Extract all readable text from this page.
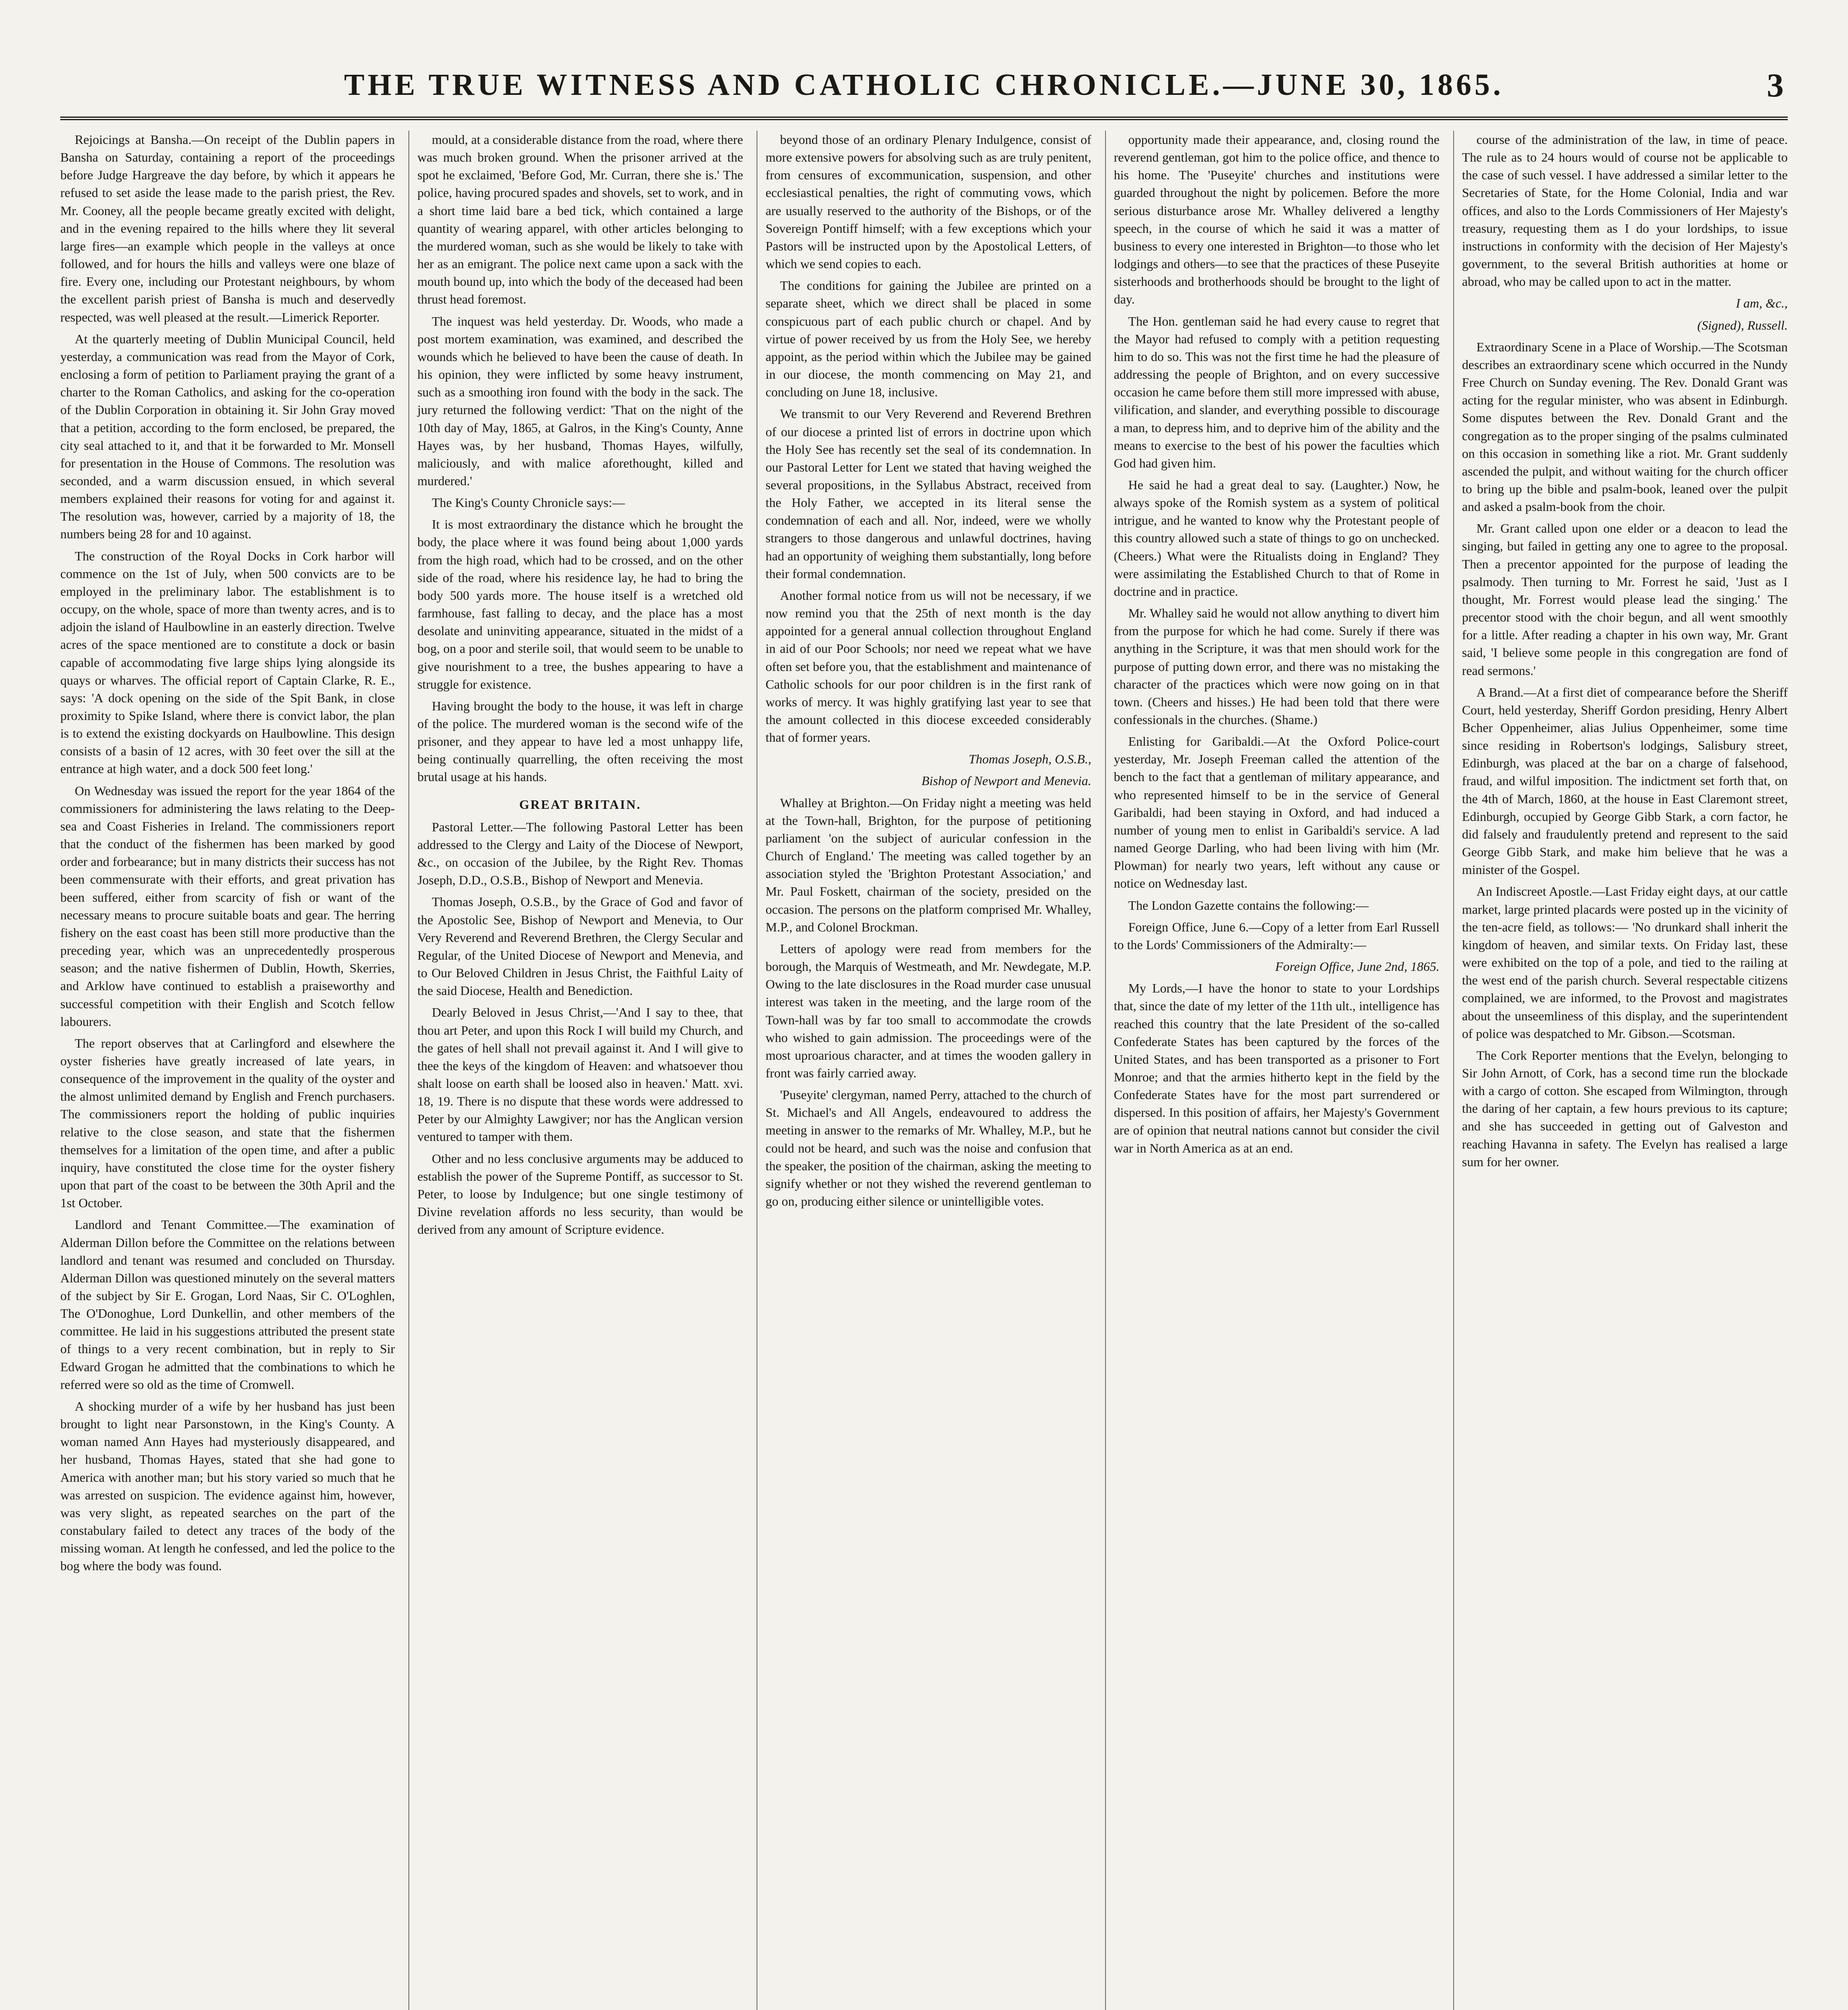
THE TRUE WITNESS AND CATHOLIC CHRONICLE.—JUNE 30, 1865.	3

Rejoicings at Bansha.—On receipt of the Dublin papers in Bansha on Saturday, containing a report of the proceedings before Judge Hargreave the day before, by which it appears he refused to set aside the lease made to the parish priest, the Rev. Mr. Cooney, all the people became greatly excited with delight, and in the evening repaired to the hills where they lit several large fires—an example which people in the valleys at once followed, and for hours the hills and valleys were one blaze of fire. Every one, including our Protestant neighbours, by whom the excellent parish priest of Bansha is much and deservedly respected, was well pleased at the result.—Limerick Reporter.

At the quarterly meeting of Dublin Municipal Council, held yesterday, a communication was read from the Mayor of Cork, enclosing a form of petition to Parliament praying the grant of a charter to the Roman Catholics, and asking for the co-operation of the Dublin Corporation in obtaining it. Sir John Gray moved that a petition, according to the form enclosed, be prepared, the city seal attached to it, and that it be forwarded to Mr. Monsell for presentation in the House of Commons. The resolution was seconded, and a warm discussion ensued, in which several members explained their reasons for voting for and against it. The resolution was, however, carried by a majority of 18, the numbers being 28 for and 10 against.

The construction of the Royal Docks in Cork harbor will commence on the 1st of July, when 500 convicts are to be employed in the preliminary labor. The establishment is to occupy, on the whole, space of more than twenty acres, and is to adjoin the island of Haulbowline in an easterly direction. Twelve acres of the space mentioned are to constitute a dock or basin capable of accommodating five large ships lying alongside its quays or wharves. The official report of Captain Clarke, R. E., says: 'A dock opening on the side of the Spit Bank, in close proximity to Spike Island, where there is convict labor, the plan is to extend the existing dockyards on Haulbowline. This design consists of a basin of 12 acres, with 30 feet over the sill at the entrance at high water, and a dock 500 feet long.'

On Wednesday was issued the report for the year 1864 of the commissioners for administering the laws relating to the Deep-sea and Coast Fisheries in Ireland. The commissioners report that the conduct of the fishermen has been marked by good order and forbearance; but in many districts their success has not been commensurate with their efforts, and great privation has been suffered, either from scarcity of fish or want of the necessary means to procure suitable boats and gear. The herring fishery on the east coast has been still more productive than the preceding year, which was an unprecedentedly prosperous season; and the native fishermen of Dublin, Howth, Skerries, and Arklow have continued to establish a praiseworthy and successful competition with their English and Scotch fellow labourers.

The report observes that at Carlingford and elsewhere the oyster fisheries have greatly increased of late years, in consequence of the improvement in the quality of the oyster and the almost unlimited demand by English and French purchasers. The commissioners report the holding of public inquiries relative to the close season, and state that the fishermen themselves for a limitation of the open time, and after a public inquiry, have constituted the close time for the oyster fishery upon that part of the coast to be between the 30th April and the 1st October.

Landlord and Tenant Committee.—The examination of Alderman Dillon before the Committee on the relations between landlord and tenant was resumed and concluded on Thursday. Alderman Dillon was questioned minutely on the several matters of the subject by Sir E. Grogan, Lord Naas, Sir C. O'Loghlen, The O'Donoghue, Lord Dunkellin, and other members of the committee. He laid in his suggestions attributed the present state of things to a very recent combination, but in reply to Sir Edward Grogan he admitted that the combinations to which he referred were so old as the time of Cromwell.

A shocking murder of a wife by her husband has just been brought to light near Parsonstown, in the King's County. A woman named Ann Hayes had mysteriously disappeared, and her husband, Thomas Hayes, stated that she had gone to America with another man; but his story varied so much that he was arrested on suspicion. The evidence against him, however, was very slight, as repeated searches on the part of the constabulary failed to detect any traces of the body of the missing woman. At length he confessed, and led the police to the bog where the body was found.

mould, at a considerable distance from the road, where there was much broken ground. When the prisoner arrived at the spot he exclaimed, 'Before God, Mr. Curran, there she is.' The police, having procured spades and shovels, set to work, and in a short time laid bare a bed tick, which contained a large quantity of wearing apparel, with other articles belonging to the murdered woman, such as she would be likely to take with her as an emigrant. The police next came upon a sack with the mouth bound up, into which the body of the deceased had been thrust head foremost.

The inquest was held yesterday. Dr. Woods, who made a post mortem examination, was examined, and described the wounds which he believed to have been the cause of death. In his opinion, they were inflicted by some heavy instrument, such as a smoothing iron found with the body in the sack. The jury returned the following verdict: 'That on the night of the 10th day of May, 1865, at Galros, in the King's County, Anne Hayes was, by her husband, Thomas Hayes, wilfully, maliciously, and with malice aforethought, killed and murdered.'

The King's County Chronicle says:—

It is most extraordinary the distance which he brought the body, the place where it was found being about 1,000 yards from the high road, which had to be crossed, and on the other side of the road, where his residence lay, he had to bring the body 500 yards more. The house itself is a wretched old farmhouse, fast falling to decay, and the place has a most desolate and uninviting appearance, situated in the midst of a bog, on a poor and sterile soil, that would seem to be unable to give nourishment to a tree, the bushes appearing to have a struggle for existence.

Having brought the body to the house, it was left in charge of the police. The murdered woman is the second wife of the prisoner, and they appear to have led a most unhappy life, being continually quarrelling, the often receiving the most brutal usage at his hands.

GREAT BRITAIN.

Pastoral Letter.—The following Pastoral Letter has been addressed to the Clergy and Laity of the Diocese of Newport, &c., on occasion of the Jubilee, by the Right Rev. Thomas Joseph, D.D., O.S.B., Bishop of Newport and Menevia.

Thomas Joseph, O.S.B., by the Grace of God and favor of the Apostolic See, Bishop of Newport and Menevia, to Our Very Reverend and Reverend Brethren, the Clergy Secular and Regular, of the United Diocese of Newport and Menevia, and to Our Beloved Children in Jesus Christ, the Faithful Laity of the said Diocese, Health and Benediction.

Dearly Beloved in Jesus Christ,—'And I say to thee, that thou art Peter, and upon this Rock I will build my Church, and the gates of hell shall not prevail against it. And I will give to thee the keys of the kingdom of Heaven: and whatsoever thou shalt loose on earth shall be loosed also in heaven.' Matt. xvi. 18, 19. There is no dispute that these words were addressed to Peter by our Almighty Lawgiver; nor has the Anglican version ventured to tamper with them.

Other and no less conclusive arguments may be adduced to establish the power of the Supreme Pontiff, as successor to St. Peter, to loose by Indulgence; but one single testimony of Divine revelation affords no less security, than would be derived from any amount of Scripture evidence.

beyond those of an ordinary Plenary Indulgence, consist of more extensive powers for absolving such as are truly penitent, from censures of excommunication, suspension, and other ecclesiastical penalties, the right of commuting vows, which are usually reserved to the authority of the Bishops, or of the Sovereign Pontiff himself; with a few exceptions which your Pastors will be instructed upon by the Apostolical Letters, of which we send copies to each.

The conditions for gaining the Jubilee are printed on a separate sheet, which we direct shall be placed in some conspicuous part of each public church or chapel. And by virtue of power received by us from the Holy See, we hereby appoint, as the period within which the Jubilee may be gained in our diocese, the month commencing on May 21, and concluding on June 18, inclusive.

We transmit to our Very Reverend and Reverend Brethren of our diocese a printed list of errors in doctrine upon which the Holy See has recently set the seal of its condemnation. In our Pastoral Letter for Lent we stated that having weighed the several propositions, in the Syllabus Abstract, received from the Holy Father, we accepted in its literal sense the condemnation of each and all. Nor, indeed, were we wholly strangers to those dangerous and unlawful doctrines, having had an opportunity of weighing them substantially, long before their formal condemnation.

Another formal notice from us will not be necessary, if we now remind you that the 25th of next month is the day appointed for a general annual collection throughout England in aid of our Poor Schools; nor need we repeat what we have often set before you, that the establishment and maintenance of Catholic schools for our poor children is in the first rank of works of mercy. It was highly gratifying last year to see that the amount collected in this diocese exceeded considerably that of former years.

Thomas Joseph, O.S.B.,

Bishop of Newport and Menevia.

Whalley at Brighton.—On Friday night a meeting was held at the Town-hall, Brighton, for the purpose of petitioning parliament 'on the subject of auricular confession in the Church of England.' The meeting was called together by an association styled the 'Brighton Protestant Association,' and Mr. Paul Foskett, chairman of the society, presided on the occasion. The persons on the platform comprised Mr. Whalley, M.P., and Colonel Brockman.

Letters of apology were read from members for the borough, the Marquis of Westmeath, and Mr. Newdegate, M.P. Owing to the late disclosures in the Road murder case unusual interest was taken in the meeting, and the large room of the Town-hall was by far too small to accommodate the crowds who wished to gain admission. The proceedings were of the most uproarious character, and at times the wooden gallery in front was fairly carried away.

'Puseyite' clergyman, named Perry, attached to the church of St. Michael's and All Angels, endeavoured to address the meeting in answer to the remarks of Mr. Whalley, M.P., but he could not be heard, and such was the noise and confusion that the speaker, the position of the chairman, asking the meeting to signify whether or not they wished the reverend gentleman to go on, producing either silence or unintelligible votes.

opportunity made their appearance, and, closing round the reverend gentleman, got him to the police office, and thence to his home. The 'Puseyite' churches and institutions were guarded throughout the night by policemen. Before the more serious disturbance arose Mr. Whalley delivered a lengthy speech, in the course of which he said it was a matter of business to every one interested in Brighton—to those who let lodgings and others—to see that the practices of these Puseyite sisterhoods and brotherhoods should be brought to the light of day.

The Hon. gentleman said he had every cause to regret that the Mayor had refused to comply with a petition requesting him to do so. This was not the first time he had the pleasure of addressing the people of Brighton, and on every successive occasion he came before them still more impressed with abuse, vilification, and slander, and everything possible to discourage a man, to depress him, and to deprive him of the ability and the means to exercise to the best of his power the faculties which God had given him.

He said he had a great deal to say. (Laughter.) Now, he always spoke of the Romish system as a system of political intrigue, and he wanted to know why the Protestant people of this country allowed such a state of things to go on unchecked. (Cheers.) What were the Ritualists doing in England? They were assimilating the Established Church to that of Rome in doctrine and in practice.

Mr. Whalley said he would not allow anything to divert him from the purpose for which he had come. Surely if there was anything in the Scripture, it was that men should work for the purpose of putting down error, and there was no mistaking the character of the practices which were now going on in that town. (Cheers and hisses.) He had been told that there were confessionals in the churches. (Shame.)

Enlisting for Garibaldi.—At the Oxford Police-court yesterday, Mr. Joseph Freeman called the attention of the bench to the fact that a gentleman of military appearance, and who represented himself to be in the service of General Garibaldi, had been staying in Oxford, and had induced a number of young men to enlist in Garibaldi's service. A lad named George Darling, who had been living with him (Mr. Plowman) for nearly two years, left without any cause or notice on Wednesday last.

The London Gazette contains the following:—

Foreign Office, June 6.—Copy of a letter from Earl Russell to the Lords' Commissioners of the Admiralty:—

Foreign Office, June 2nd, 1865.

My Lords,—I have the honor to state to your Lordships that, since the date of my letter of the 11th ult., intelligence has reached this country that the late President of the so-called Confederate States has been captured by the forces of the United States, and has been transported as a prisoner to Fort Monroe; and that the armies hitherto kept in the field by the Confederate States have for the most part surrendered or dispersed. In this position of affairs, her Majesty's Government are of opinion that neutral nations cannot but consider the civil war in North America as at an end.

course of the administration of the law, in time of peace. The rule as to 24 hours would of course not be applicable to the case of such vessel. I have addressed a similar letter to the Secretaries of State, for the Home Colonial, India and war offices, and also to the Lords Commissioners of Her Majesty's treasury, requesting them as I do your lordships, to issue instructions in conformity with the decision of Her Majesty's government, to the several British authorities at home or abroad, who may be called upon to act in the matter.

I am, &c.,

(Signed), Russell.

Extraordinary Scene in a Place of Worship.—The Scotsman describes an extraordinary scene which occurred in the Nundy Free Church on Sunday evening. The Rev. Donald Grant was acting for the regular minister, who was absent in Edinburgh. Some disputes between the Rev. Donald Grant and the congregation as to the proper singing of the psalms culminated on this occasion in something like a riot. Mr. Grant suddenly ascended the pulpit, and without waiting for the church officer to bring up the bible and psalm-book, leaned over the pulpit and asked a psalm-book from the choir.

Mr. Grant called upon one elder or a deacon to lead the singing, but failed in getting any one to agree to the proposal. Then a precentor appointed for the purpose of leading the psalmody. Then turning to Mr. Forrest he said, 'Just as I thought, Mr. Forrest would please lead the singing.' The precentor stood with the choir begun, and all went smoothly for a little. After reading a chapter in his own way, Mr. Grant said, 'I believe some people in this congregation are fond of read sermons.'

A Brand.—At a first diet of compearance before the Sheriff Court, held yesterday, Sheriff Gordon presiding, Henry Albert Bcher Oppenheimer, alias Julius Oppenheimer, some time since residing in Robertson's lodgings, Salisbury street, Edinburgh, was placed at the bar on a charge of falsehood, fraud, and wilful imposition. The indictment set forth that, on the 4th of March, 1860, at the house in East Claremont street, Edinburgh, occupied by George Gibb Stark, a corn factor, he did falsely and fraudulently pretend and represent to the said George Gibb Stark, and make him believe that he was a minister of the Gospel.

An Indiscreet Apostle.—Last Friday eight days, at our cattle market, large printed placards were posted up in the vicinity of the ten-acre field, as tollows:— 'No drunkard shall inherit the kingdom of heaven, and similar texts. On Friday last, these were exhibited on the top of a pole, and tied to the railing at the west end of the parish church. Several respectable citizens complained, we are informed, to the Provost and magistrates about the unseemliness of this display, and the superintendent of police was despatched to Mr. Gibson.—Scotsman.

The Cork Reporter mentions that the Evelyn, belonging to Sir John Arnott, of Cork, has a second time run the blockade with a cargo of cotton. She escaped from Wilmington, through the daring of her captain, a few hours previous to its capture; and she has succeeded in getting out of Galveston and reaching Havanna in safety. The Evelyn has realised a large sum for her owner.
